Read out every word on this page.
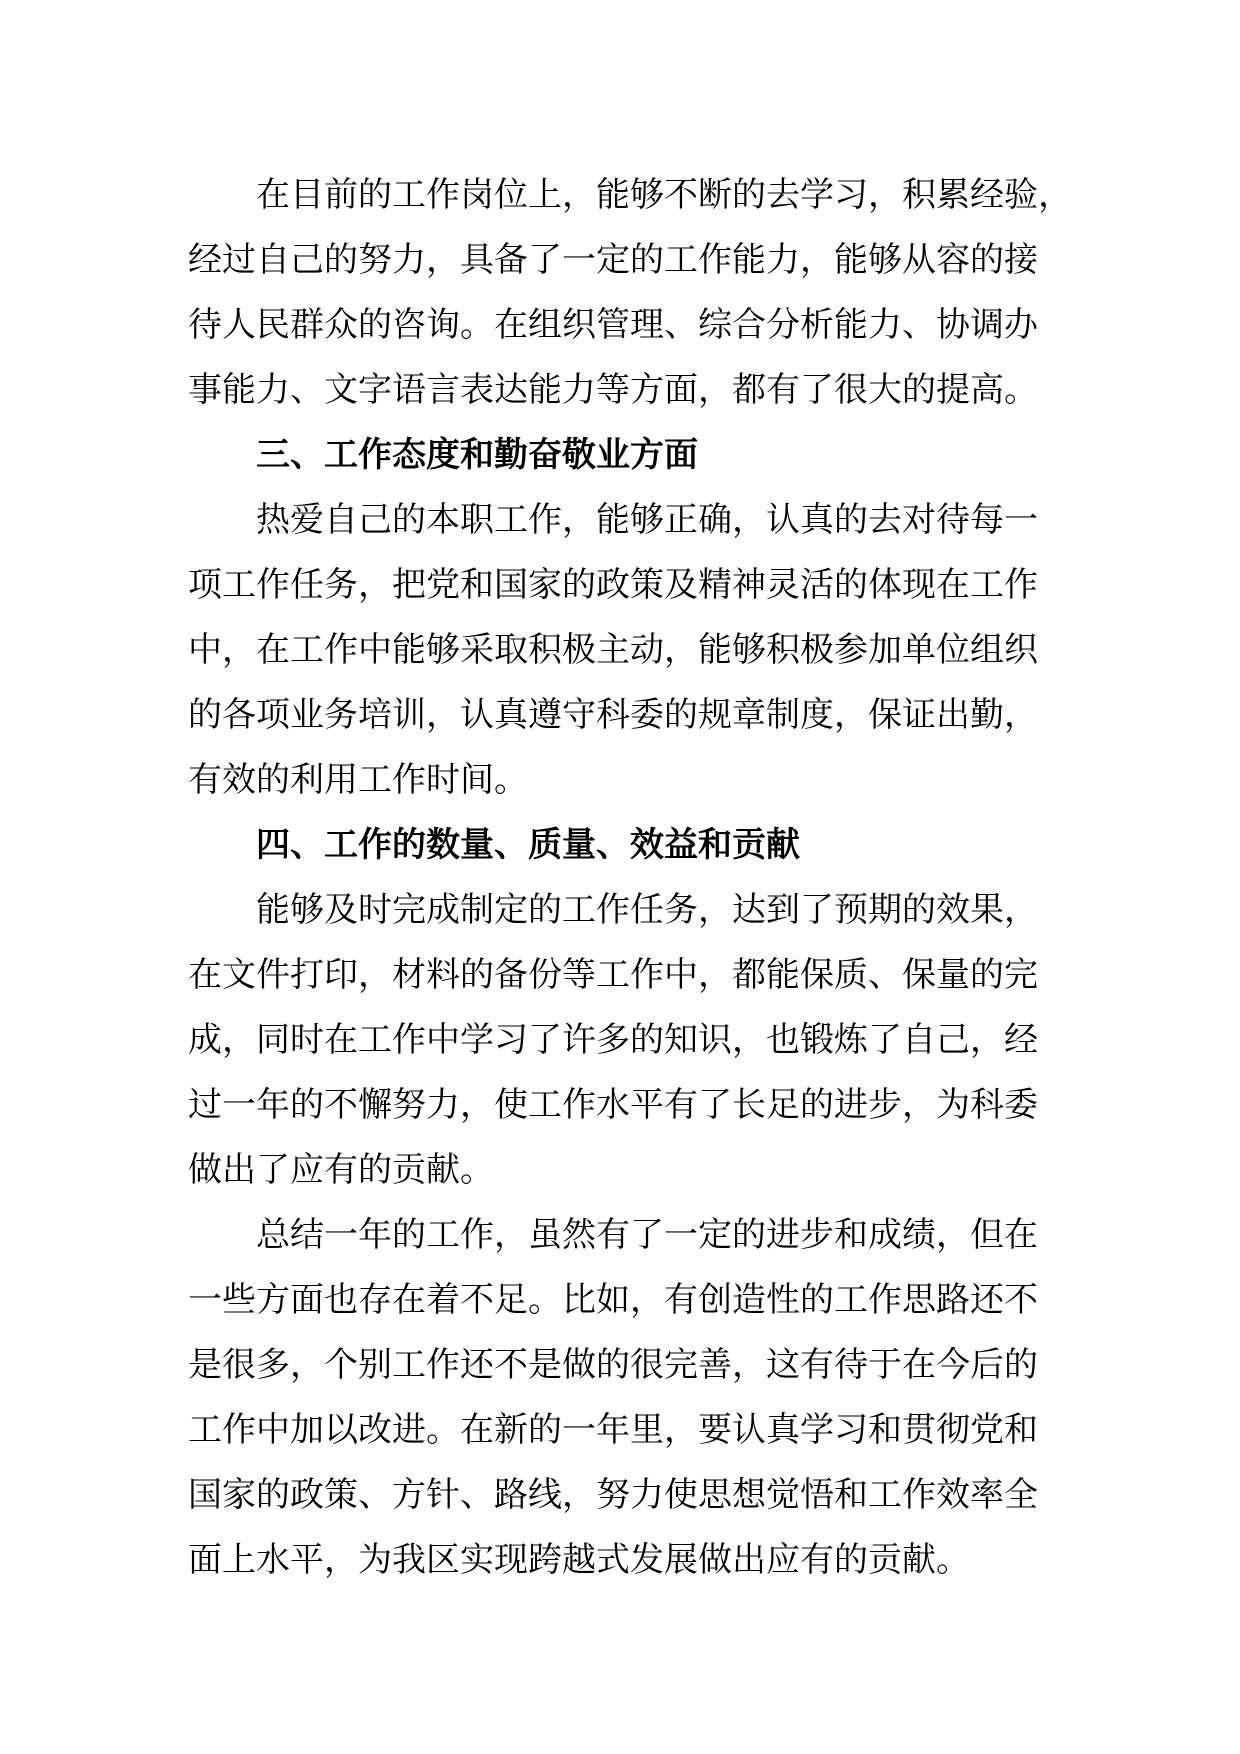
在目前的工作岗位上，能够不断的去学习，积累经验，
经过自己的努力，具备了一定的工作能力，能够从容的接
待人民群众的咨询。在组织管理、综合分析能力、协调办
事能力、文字语言表达能力等方面，都有了很大的提高。
三、工作态度和勤奋敬业方面
热爱自己的本职工作，能够正确，认真的去对待每一
项工作任务，把党和国家的政策及精神灵活的体现在工作
中，在工作中能够采取积极主动，能够积极参加单位组织
的各项业务培训，认真遵守科委的规章制度，保证出勤，
有效的利用工作时间。
四、工作的数量、质量、效益和贡献
能够及时完成制定的工作任务，达到了预期的效果，
在文件打印，材料的备份等工作中，都能保质、保量的完
成，同时在工作中学习了许多的知识，也锻炼了自己，经
过一年的不懈努力，使工作水平有了长足的进步，为科委
做出了应有的贡献。
总结一年的工作，虽然有了一定的进步和成绩，但在
一些方面也存在着不足。比如，有创造性的工作思路还不
是很多，个别工作还不是做的很完善，这有待于在今后的
工作中加以改进。在新的一年里，要认真学习和贯彻党和
国家的政策、方针、路线，努力使思想觉悟和工作效率全
面上水平，为我区实现跨越式发展做出应有的贡献。
